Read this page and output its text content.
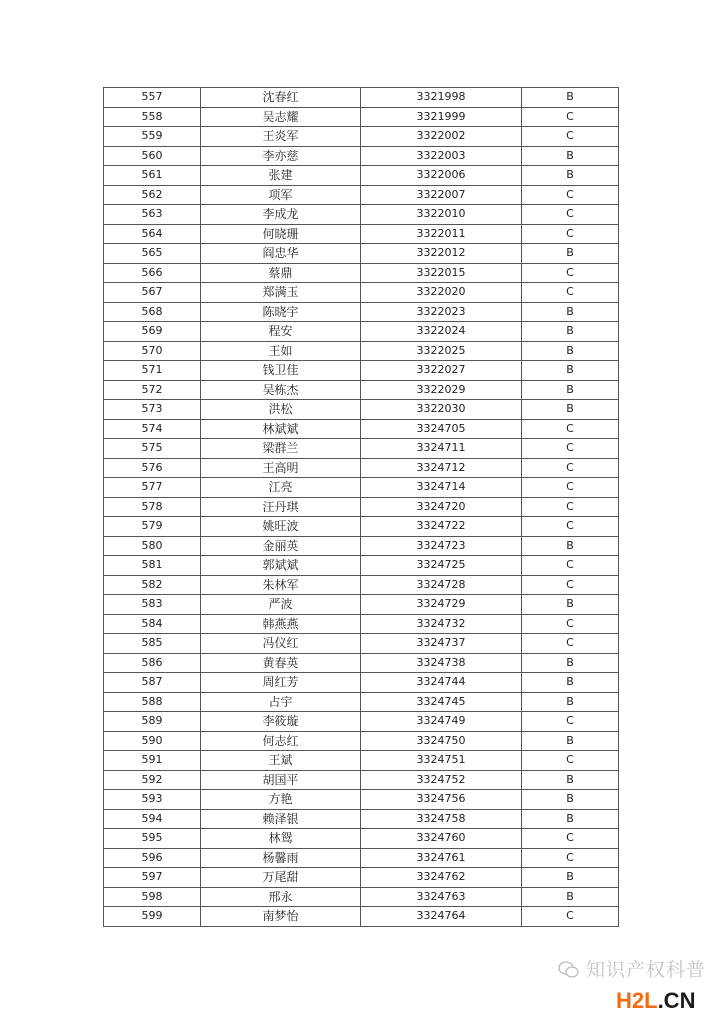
557	沈春红	3321998	B
558	吴志耀	3321999	C
559	王炎军	3322002	C
560	李亦慈	3322003	B
561	张建	3322006	B
562	项军	3322007	C
563	李成龙	3322010	C
564	何晓珊	3322011	C
565	阎忠华	3322012	B
566	蔡鼎	3322015	C
567	郑满玉	3322020	C
568	陈晓宇	3322023	B
569	程安	3322024	B
570	王如	3322025	B
571	钱卫佳	3322027	B
572	吴栋杰	3322029	B
573	洪松	3322030	B
574	林斌斌	3324705	C
575	梁群兰	3324711	C
576	王高明	3324712	C
577	江亮	3324714	C
578	汪丹琪	3324720	C
579	姚旺波	3324722	C
580	金丽英	3324723	B
581	郭斌斌	3324725	C
582	朱林军	3324728	C
583	严波	3324729	B
584	韩燕燕	3324732	C
585	冯仪红	3324737	C
586	黄春英	3324738	B
587	周红芳	3324744	B
588	占宇	3324745	B
589	李筱璇	3324749	C
590	何志红	3324750	B
591	王斌	3324751	C
592	胡国平	3324752	B
593	方艳	3324756	B
594	赖泽银	3324758	B
595	林鸳	3324760	C
596	杨馨雨	3324761	C
597	万尾甜	3324762	B
598	邢永	3324763	B
599	南梦怡	3324764	C
知识产权科普
H2L.CN
